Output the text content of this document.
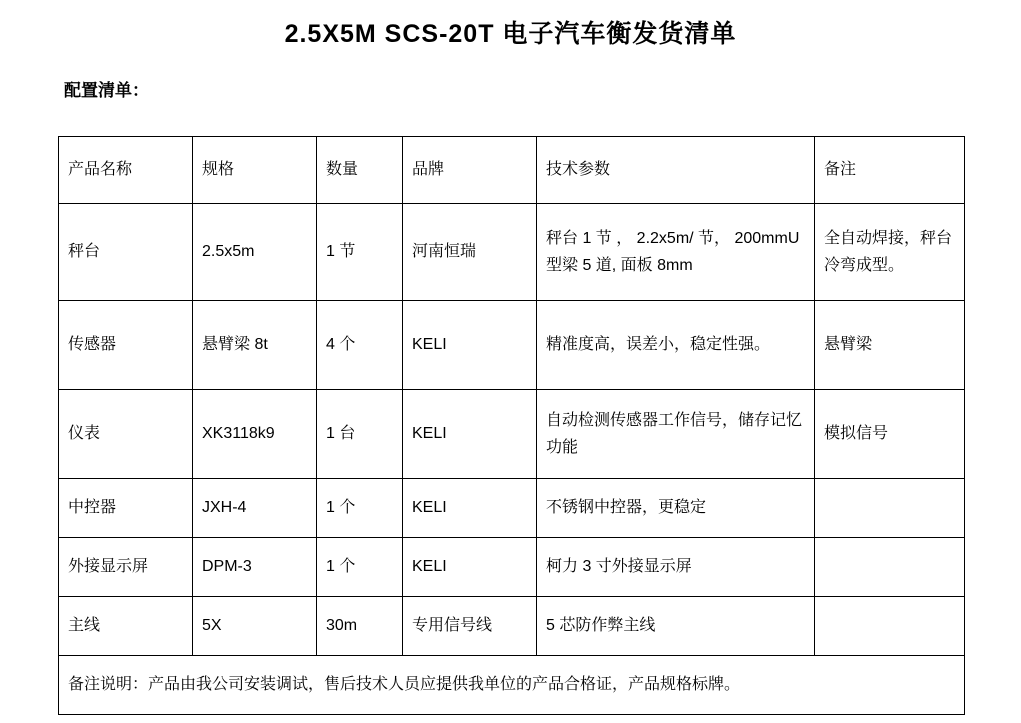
2.5X5M SCS-20T 电子汽车衡发货清单
配置清单：
产品名称	规格	数量	品牌	技术参数	备注
秤台	2.5x5m	1 节	河南恒瑞	秤台 1 节 ， 2.2x5m/ 节， 200mmU 型梁 5 道, 面板 8mm	全自动焊接，秤台冷弯成型。
传感器	悬臂梁 8t	4 个	KELI	精准度高，误差小，稳定性强。	悬臂梁
仪表	XK3118k9	1 台	KELI	自动检测传感器工作信号，储存记忆功能	模拟信号
中控器	JXH-4	1 个	KELI	不锈钢中控器，更稳定	
外接显示屏	DPM-3	1 个	KELI	柯力 3 寸外接显示屏	
主线	5X	30m	专用信号线	5 芯防作弊主线	
备注说明：产品由我公司安装调试，售后技术人员应提供我单位的产品合格证，产品规格标牌。					
